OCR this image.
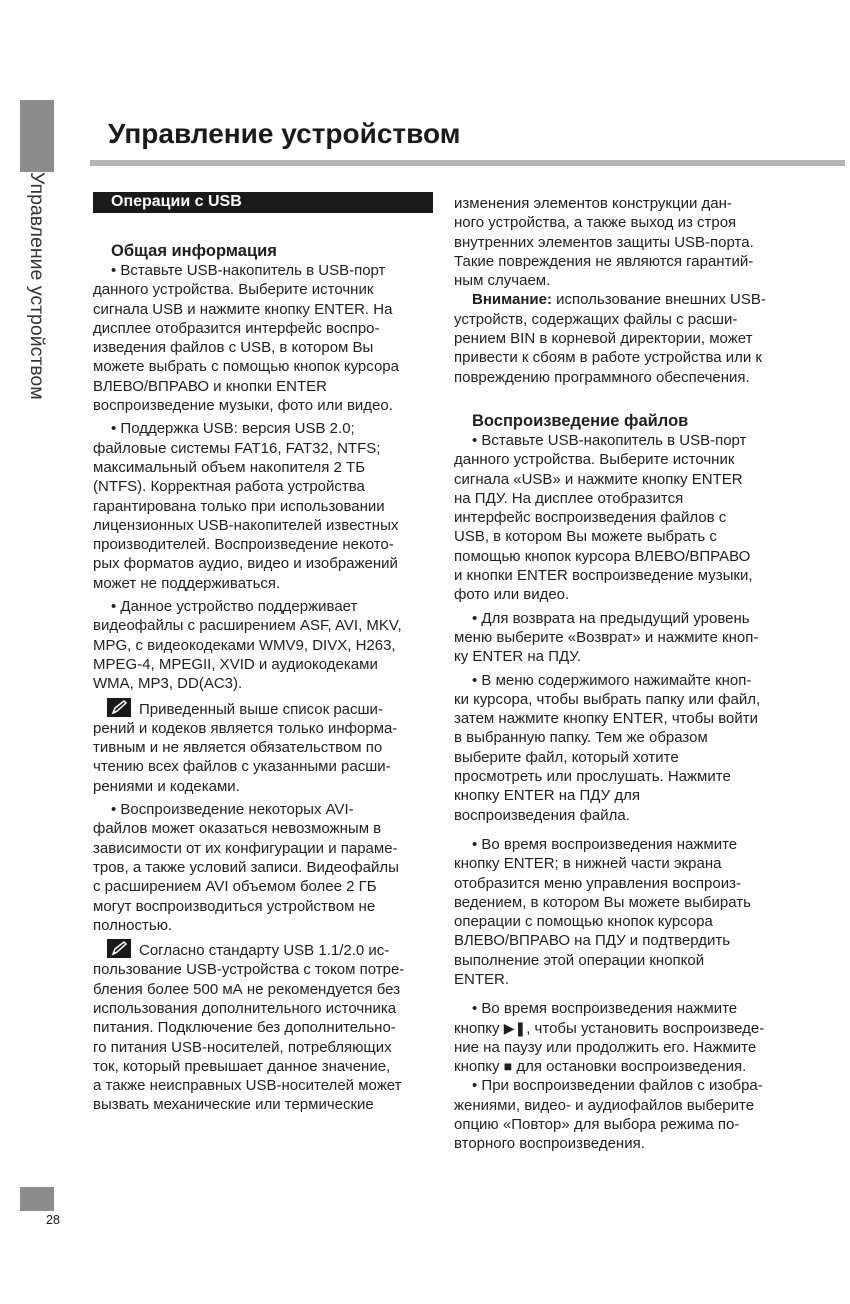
Управление устройством
Управление устройством
Операции с USB
Общая информация
• Вставьте USB-накопитель в USB-порт
данного устройства. Выберите источник
сигнала USB и нажмите кнопку ENTER. На
дисплее отобразится интерфейс воспро-
изведения файлов с USB, в котором Вы
можете выбрать с помощью кнопок курсора
ВЛЕВО/ВПРАВО и кнопки ENTER
воспроизведение музыки, фото или видео.
• Поддержка USB: версия USB 2.0;
файловые системы FAT16, FAT32, NTFS;
максимальный объем накопителя 2 ТБ
(NTFS). Корректная работа устройства
гарантирована только при использовании
лицензионных USB-накопителей известных
производителей. Воспроизведение некото-
рых форматов аудио, видео и изображений
может не поддерживаться.
• Данное устройство поддерживает
видеофайлы с расширением ASF, AVI, MKV,
MPG, с видеокодеками WMV9, DIVX, H263,
MPEG-4, MPEGII, XVID и аудиокодеками
WMA, MP3, DD(AC3).
Приведенный выше список расши-
рений и кодеков является только информа-
тивным и не является обязательством по
чтению всех файлов с указанными расши-
рениями и кодеками.
• Воспроизведение некоторых AVI-
файлов может оказаться невозможным в
зависимости от их конфигурации и параме-
тров, а также условий записи. Видеофайлы
с расширением AVI объемом более 2 ГБ
могут воспроизводиться устройством не
полностью.
Согласно стандарту USB 1.1/2.0 ис-
пользование USB-устройства с током потре-
бления более 500 мА не рекомендуется без
использования дополнительного источника
питания. Подключение без дополнительно-
го питания USB-носителей, потребляющих
ток, который превышает данное значение,
а также неисправных USB-носителей может
вызвать механические или термические
изменения элементов конструкции дан-
ного устройства, а также выход из строя
внутренних элементов защиты USB-порта.
Такие повреждения не являются гарантий-
ным случаем.
Внимание: использование внешних USB-
устройств, содержащих файлы с расши-
рением BIN в корневой директории, может
привести к сбоям в работе устройства или к
повреждению программного обеспечения.
Воспроизведение файлов
• Вставьте USB-накопитель в USB-порт
данного устройства. Выберите источник
сигнала «USB» и нажмите кнопку ENTER
на ПДУ. На дисплее отобразится
интерфейс воспроизведения файлов с
USB, в котором Вы можете выбрать с
помощью кнопок курсора ВЛЕВО/ВПРАВО
и кнопки ENTER воспроизведение музыки,
фото или видео.
• Для возврата на предыдущий уровень
меню выберите «Возврат» и нажмите кноп-
ку ENTER на ПДУ.
• В меню содержимого нажимайте кноп-
ки курсора, чтобы выбрать папку или файл,
затем нажмите кнопку ENTER, чтобы войти
в выбранную папку. Тем же образом
выберите файл, который хотите
просмотреть или прослушать. Нажмите
кнопку ENTER на ПДУ для
воспроизведения файла.
• Во время воспроизведения нажмите
кнопку ENTER; в нижней части экрана
отобразится меню управления воспроиз-
ведением, в котором Вы можете выбирать
операции с помощью кнопок курсора
ВЛЕВО/ВПРАВО на ПДУ и подтвердить
выполнение этой операции кнопкой
ENTER.
• Во время воспроизведения нажмите
кнопку ▶❚, чтобы установить воспроизведе-
ние на паузу или продолжить его. Нажмите
кнопку ■ для остановки воспроизведения.
• При воспроизведении файлов с изобра-
жениями, видео- и аудиофайлов выберите
опцию «Повтор» для выбора режима по-
вторного воспроизведения.
28
